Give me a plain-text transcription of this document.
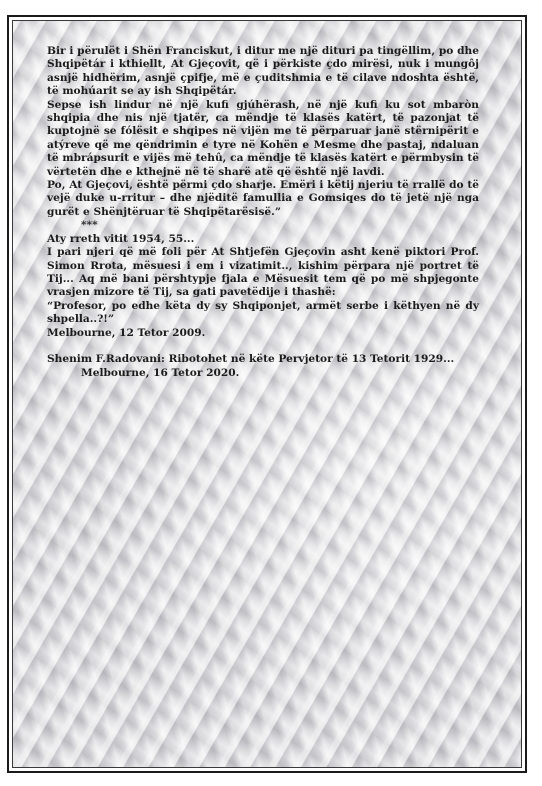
Bir i përulët i Shën Franciskut, i ditur me një dituri pa tingëllim, po dhe Shqipëtár i kthiellt, At Gjeçovit, që i përkiste çdo mirësi, nuk i mungôj asnjë hidhërim, asnjë çpifje, më e çuditshmia e të cilave ndoshta është, të mohúarit se ay ish Shqipëtár.

Sepse ish lindur në një kufi gjúhërash, në një kufi ku sot mbaròn shqipia dhe nis një tjatër, ca mëndje të klasës katërt, të pazonjat të kuptojnë se fólësit e shqipes në vijën me të përparuar janë stërnipërit e atýreve që me qëndrimin e tyre në Kohën e Mesme dhe pastaj, ndaluan të mbrápsurit e vijës më tehû, ca mëndje të klasës katërt e përmbysin të vërtetën dhe e kthejnë në të sharë atë që është një lavdi.

Po, At Gjeçovi, është përmi çdo sharje. Emëri i këtij njeriu të rrallë do të vejë duke u-rritur – dhe njëditë famullia e Gomsiqes do të jetë një nga gurët e Shënjtëruar të Shqipëtarësisë.”

***

Aty rreth vitit 1954, 55...

I pari njeri që më foli për At Shtjefën Gjeçovin asht kenë piktori Prof. Simon Rrota, mësuesi i em i vizatimit.., kishim përpara një portret të Tij... Aq më bani përshtypje fjala e Mësuesit tem që po më shpjegonte vrasjen mizore të Tij, sa gati pavetëdije i thashë:

“Profesor, po edhe këta dy sy Shqiponjet, armët serbe i këthyen në dy shpella..?!”

Melbourne, 12 Tetor 2009.

Shenim F.Radovani: Ribotohet në këte Pervjetor të 13 Tetorit 1929...

Melbourne, 16 Tetor 2020.
